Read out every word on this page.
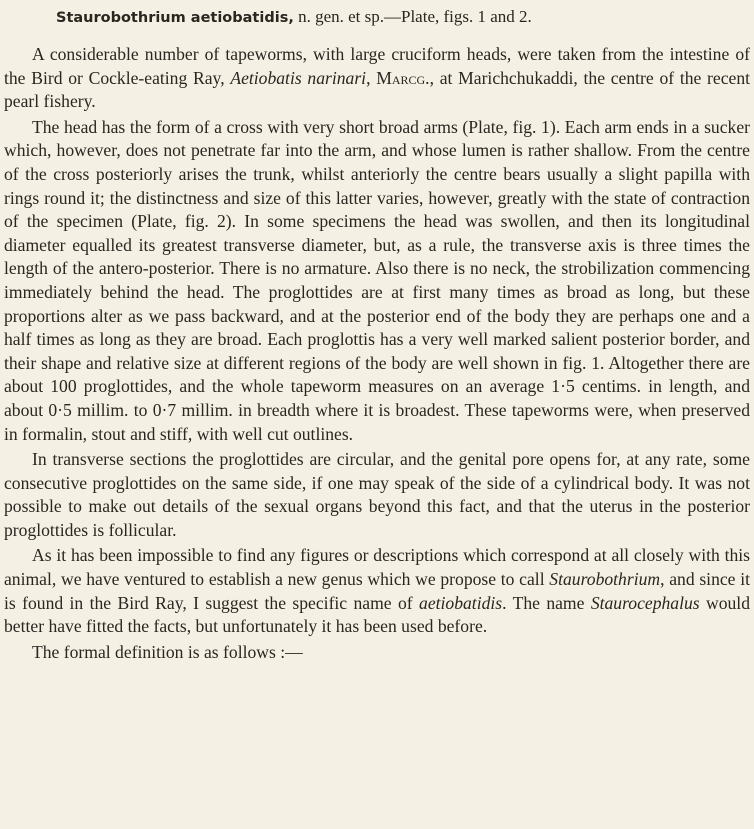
Staurobothrium aetiobatidis, n. gen. et sp.—Plate, figs. 1 and 2.

A considerable number of tapeworms, with large cruciform heads, were taken from the intestine of the Bird or Cockle-eating Ray, Aetiobatis narinari, Marcg., at Marichchukaddi, the centre of the recent pearl fishery.

The head has the form of a cross with very short broad arms (Plate, fig. 1). Each arm ends in a sucker which, however, does not penetrate far into the arm, and whose lumen is rather shallow. From the centre of the cross posteriorly arises the trunk, whilst anteriorly the centre bears usually a slight papilla with rings round it; the distinctness and size of this latter varies, however, greatly with the state of contraction of the specimen (Plate, fig. 2). In some specimens the head was swollen, and then its longitudinal diameter equalled its greatest transverse diameter, but, as a rule, the transverse axis is three times the length of the antero-posterior. There is no armature. Also there is no neck, the strobilization commencing immediately behind the head. The proglottides are at first many times as broad as long, but these proportions alter as we pass backward, and at the posterior end of the body they are perhaps one and a half times as long as they are broad. Each proglottis has a very well marked salient posterior border, and their shape and relative size at different regions of the body are well shown in fig. 1. Altogether there are about 100 proglottides, and the whole tapeworm measures on an average 1·5 centims. in length, and about 0·5 millim. to 0·7 millim. in breadth where it is broadest. These tapeworms were, when preserved in formalin, stout and stiff, with well cut outlines.

In transverse sections the proglottides are circular, and the genital pore opens for, at any rate, some consecutive proglottides on the same side, if one may speak of the side of a cylindrical body. It was not possible to make out details of the sexual organs beyond this fact, and that the uterus in the posterior proglottides is follicular.

As it has been impossible to find any figures or descriptions which correspond at all closely with this animal, we have ventured to establish a new genus which we propose to call Staurobothrium, and since it is found in the Bird Ray, I suggest the specific name of aetiobatidis. The name Staurocephalus would better have fitted the facts, but unfortunately it has been used before.

The formal definition is as follows :—
